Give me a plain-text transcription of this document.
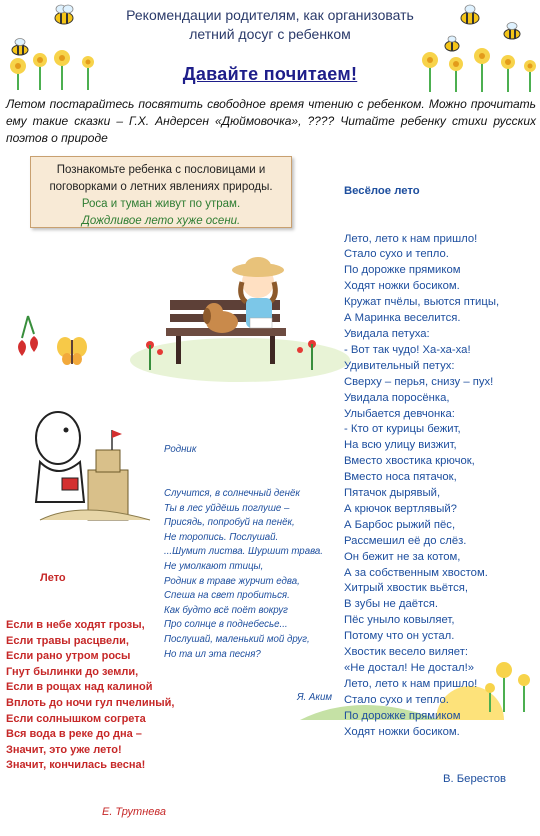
Рекомендации родителям, как организовать
летний досуг с ребенком
Давайте почитаем!
Летом постарайтесь посвятить свободное время чтению с ребенком. Можно прочитать ему такие сказки – Г.Х. Андерсен «Дюймовочка», ???? Читайте ребенку стихи русских поэтов о природе
Познакомьте ребенка с пословицами и поговорками о летних явлениях природы.
Роса и туман живут по утрам.
Дождливое лето хуже осени.

Весёлое лето

Лето, лето к нам пришло!
Стало сухо и тепло.
По дорожке прямиком
Ходят ножки босиком.
Кружат пчёлы, вьются птицы,
А Маринка веселится.
Увидала петуха:
- Вот так чудо! Ха-ха-ха!
Удивительный петух:
Сверху – перья, снизу – пух!
Увидала поросёнка,
Улыбается девчонка:
- Кто от курицы бежит,
На всю улицу визжит,
Вместо хвостика крючок,
Вместо носа пятачок,
Пятачок дырявый,
А крючок вертлявый?
А Барбос рыжий пёс,
Рассмешил её до слёз.
Он бежит не за котом,
А за собственным хвостом.
Хитрый хвостик вьётся,
В зубы не даётся.
Пёс уныло ковыляет,
Потому что он устал.
Хвостик весело виляет:
«Не достал! Не достал!»
Лето, лето к нам пришло!
Стало сухо и тепло.
По дорожке прямиком
Ходят ножки босиком.

В. Берестов

Родник

Случится, в солнечный денёк
Ты в лес уйдёшь поглуше –
Присядь, попробуй на пенёк,
Не торопись. Послушай.
...Шумит листва. Шуршит трава.
Не умолкают птицы,
Родник в траве журчит едва,
Спеша на свет пробиться.
Как будто всё поёт вокруг
Про солнце в поднебесье...
Послушай, маленький мой друг,
Но та ил эта песня?

Я. Аким

Лето

Если в небе ходят грозы,
Если травы расцвели,
Если рано утром росы
Гнут былинки до земли,
Если в рощах над калиной
Вплоть до ночи гул пчелиный,
Если солнышком согрета
Вся вода в реке до дна –
Значит, это уже лето!
Значит, кончилась весна!

Е. Трутнева
